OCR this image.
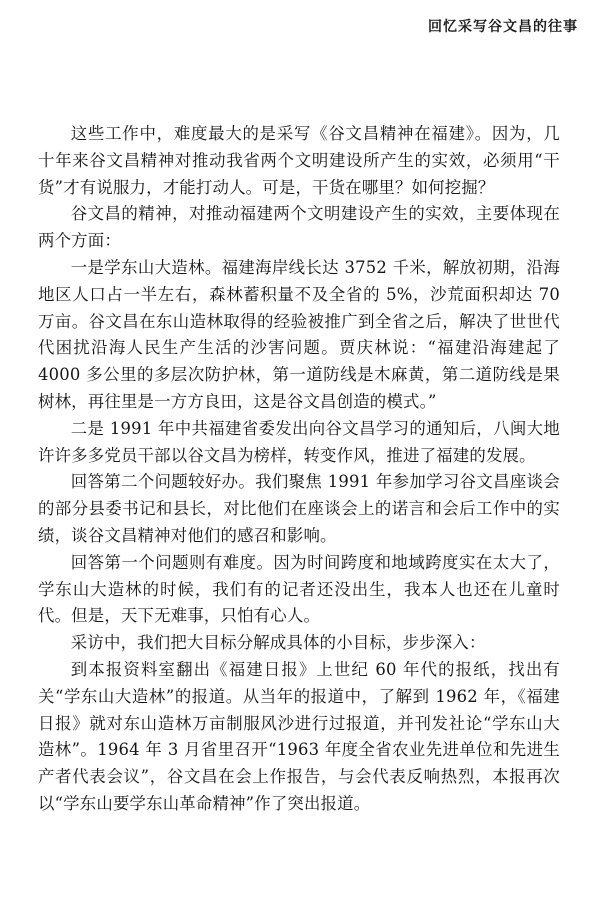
回忆采写谷文昌的往事

这些工作中，难度最大的是采写《谷文昌精神在福建》。因为，几十年来谷文昌精神对推动我省两个文明建设所产生的实效，必须用“干货”才有说服力，才能打动人。可是，干货在哪里？如何挖掘？

谷文昌的精神，对推动福建两个文明建设产生的实效，主要体现在两个方面：

一是学东山大造林。福建海岸线长达 3752 千米，解放初期，沿海地区人口占一半左右，森林蓄积量不及全省的 5%，沙荒面积却达 70 万亩。谷文昌在东山造林取得的经验被推广到全省之后，解决了世世代代困扰沿海人民生产生活的沙害问题。贾庆林说：“福建沿海建起了 4000 多公里的多层次防护林，第一道防线是木麻黄，第二道防线是果树林，再往里是一方方良田，这是谷文昌创造的模式。”

二是 1991 年中共福建省委发出向谷文昌学习的通知后，八闽大地许许多多党员干部以谷文昌为榜样，转变作风，推进了福建的发展。

回答第二个问题较好办。我们聚焦 1991 年参加学习谷文昌座谈会的部分县委书记和县长，对比他们在座谈会上的诺言和会后工作中的实绩，谈谷文昌精神对他们的感召和影响。

回答第一个问题则有难度。因为时间跨度和地域跨度实在太大了，学东山大造林的时候，我们有的记者还没出生，我本人也还在儿童时代。但是，天下无难事，只怕有心人。

采访中，我们把大目标分解成具体的小目标，步步深入：

到本报资料室翻出《福建日报》上世纪 60 年代的报纸，找出有关“学东山大造林”的报道。从当年的报道中，了解到 1962 年，《福建日报》就对东山造林万亩制服风沙进行过报道，并刊发社论“学东山大造林”。1964 年 3 月省里召开“1963 年度全省农业先进单位和先进生产者代表会议”，谷文昌在会上作报告，与会代表反响热烈，本报再次以“学东山要学东山革命精神”作了突出报道。
